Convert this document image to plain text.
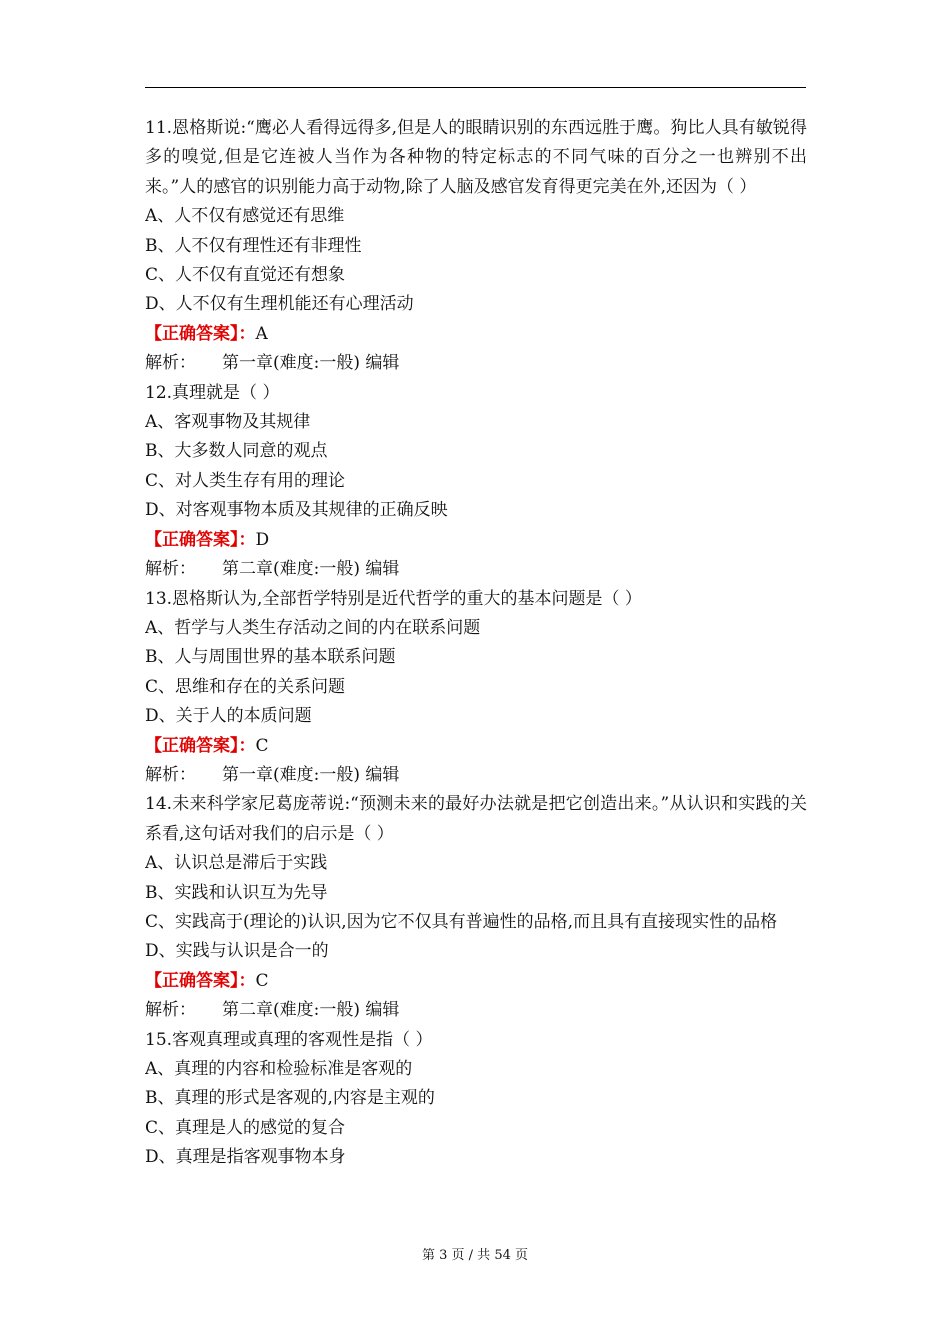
11.恩格斯说:“鹰必人看得远得多,但是人的眼睛识别的东西远胜于鹰。狗比人具有敏锐得多的嗅觉,但是它连被人当作为各种物的特定标志的不同气味的百分之一也辨别不出来。”人的感官的识别能力高于动物,除了人脑及感官发育得更完美在外,还因为（ ）
A、人不仅有感觉还有思维
B、人不仅有理性还有非理性
C、人不仅有直觉还有想象
D、人不仅有生理机能还有心理活动
【正确答案】：A
解析： 第一章(难度:一般) 编辑
12.真理就是（ ）
A、客观事物及其规律
B、大多数人同意的观点
C、对人类生存有用的理论
D、对客观事物本质及其规律的正确反映
【正确答案】：D
解析： 第二章(难度:一般) 编辑
13.恩格斯认为,全部哲学特别是近代哲学的重大的基本问题是（ ）
A、哲学与人类生存活动之间的内在联系问题
B、人与周围世界的基本联系问题
C、思维和存在的关系问题
D、关于人的本质问题
【正确答案】：C
解析： 第一章(难度:一般) 编辑
14.未来科学家尼葛庞蒂说:“预测未来的最好办法就是把它创造出来。”从认识和实践的关系看,这句话对我们的启示是（ ）
A、认识总是滞后于实践
B、实践和认识互为先导
C、实践高于(理论的)认识,因为它不仅具有普遍性的品格,而且具有直接现实性的品格
D、实践与认识是合一的
【正确答案】：C
解析： 第二章(难度:一般) 编辑
15.客观真理或真理的客观性是指（ ）
A、真理的内容和检验标准是客观的
B、真理的形式是客观的,内容是主观的
C、真理是人的感觉的复合
D、真理是指客观事物本身
第 3 页 / 共 54 页
